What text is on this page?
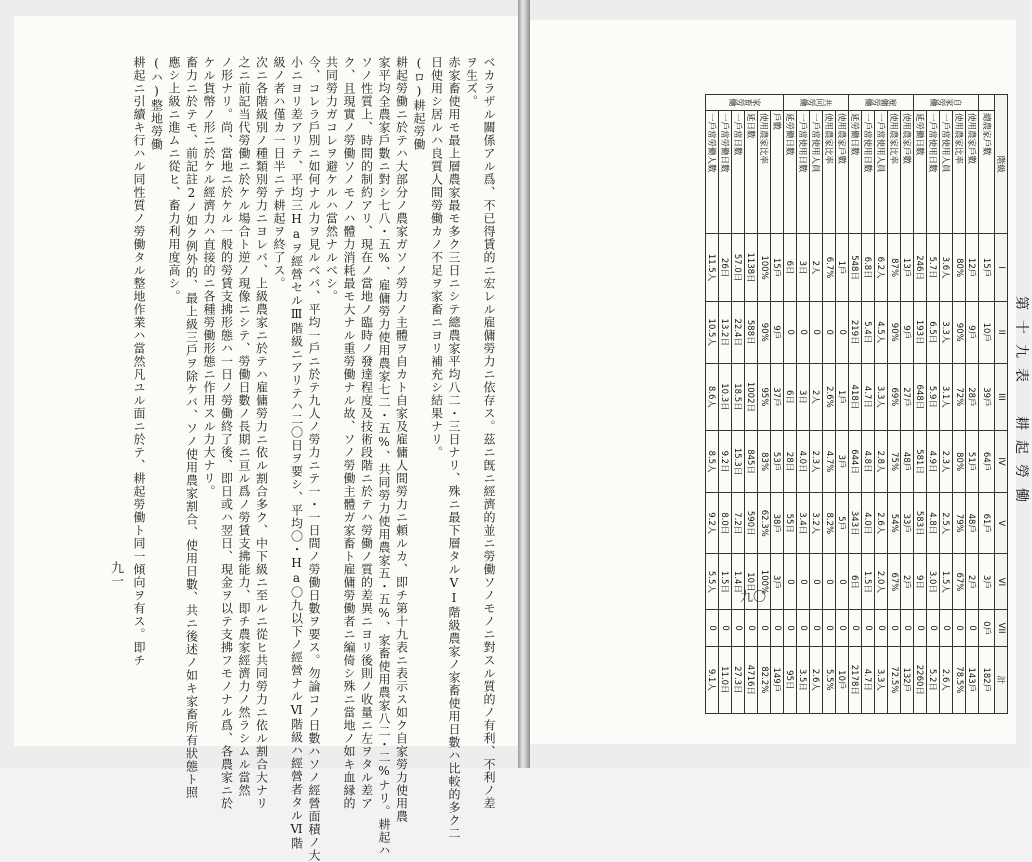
九一	ベカラザル關係アル爲、不已得賃的ニ宏レル雇傭勞力ニ依存ス。茲ニ旣ニ經濟的並ニ勞働ソノモノニ對スル質的ノ有利、不利ノ差
ヲ生ズ。
赤家畜使用モ最上層農家最モ多ク三日ニシテ總農家平均八二・三日ナリ、殊ニ最下層タルVI階級農家ノ家畜使用日數ハ比較的多ク二
日使用シ居ルハ良質人間勞働カノ不足ヲ家畜ニヨリ補充シ結果ナリ。
(ロ)耕起勞働
耕起勞働ニ於テハ大部分ノ農家ガソノ勞力ノ主體ヲ自カト自家及雇傭人間勞力ニ頼ルカ、即チ第十九表ニ表示ス如ク自家勞力使用農
家平均全農家戶數ニ對シ七八・五%、雇傭勞力使用農家七二・五%、共同勞力使用農家五・五%、家畜使用農家八二・二%ナリ。耕起ハ
ソノ性質上、時間的制約アリ、現在ノ當地ノ臨時ノ發達程度及技術段階ニ於テハ勞働ノ質的差異ニヨリ後則ノ收量ニ左ヲタル差ア
ク、且現實ノ勞働ソノモノハ體力消耗最モ大ナル重勞働ナル故、ソノ勞働主體ガ家畜ト雇傭勞働者ニ編倚シ殊ニ當地ノ如キ血縁的
共同勞力ガコレヲ避ケルハ當然ナルベシ。
今、コレラ戶別ニ如何ナル力ヲ見ルベバ、平均一戶ニ於テ九人ノ勞力ニテ一・一日間ノ勞働日數ヲ要ス。勿論コノ日數ハソノ經營面積ノ大
小ニヨリ差アリテ、平均三Haヲ經營セルⅢ階級ニアリテハ二〇日ヲ要シ、平均〇・Ha〇九以下ノ經營ナルⅥ階級ハ經營者タルⅥ階
級ノ者ハ僅カ一日半ニテ耕起ヲ終了ス。
次ニ各階級別ノ種類別勞力ニヨレバ、上級農家ニ於テハ雇傭勞力ニ依ル割合多ク、中下級ニ至ルニ從ヒ共同勞力ニ依ル割合大ナリ
之ニ前記当代勞働ニ於ケル場合ト逆ノ現像ニシテ、勞働日數ノ長期ニ亘ル爲ノ勞賃支拂能力、即チ農家經濟力ノ然ラシムル當然
ノ形ナリ。尚、當地ニ於ケル一般的勞賃支拂形態ハ一日ノ勞働終了後、即日或ハ翌日、現金ヲ以テ支拂フモノナル爲、各農家ニ於
ケル貨幣ノ形ニ於ケル經濟力ハ直接的ニ各種勞働形態ニ作用スル力大ナリ。
畜力ニ於テモ、前記註2ノ如ク例外的、最上級三戶ヲ除ケバ、ソノ使用農家割合、使用日數、共ニ後述ノ如キ家畜所有狀態ト照
應シ上級ニ進ムニ從ヒ、畜力利用度高シ。
(ハ)整地勞働
耕起ニ引續キ行ハル同性質ノ勞働タル整地作業ハ當然凡ユル面ニ於テ、耕起勞働ト同一傾向ヲ有ス。即チ	第十九表　耕起勞働
階級		I	II	III	IV	V	VI	VII	計
	總農家戶數	15戶	10戶	39戶	64戶	61戶	3戶	0戶	182戶
自家勞働	使用農家戶數	12戶	9戶	28戶	51戶	48戶	2戶	0	143戶
	使用農家比率	80%	90%	72%	80%	79%	67%	0	78.5%
	一戶當使用人員	3.6人	3.3人	3.1人	2.3人	2.5人	1.5人	0	2.6人
	一戶當使用日數	5.7日	6.5日	5.9日	4.9日	4.8日	3.0日	0	5.2日
	延勞働日數	246日	193日	648日	581日	583日	9日	0	2260日
雇傭勞働	使用農家戶數	13戶	9戶	27戶	48戶	33戶	2戶	0	132戶
	使用農家比率	87%	90%	69%	75%	54%	67%	0	72.5%
	一戶當使用人員	6.2人	4.5人	3.3人	2.8人	2.6人	2.0人	0	3.3人
	一戶當使用日數	6.8日	5.4日	4.7日	4.8日	4.0日	1.5日	0	4.7日
	延勞働日數	548日	219日	418日	644日	343日	6日	0	2178日
共同勞働	使用農家戶數	1戶	0	1戶	3戶	5戶	0	0	10戶
	使用農家比率	6.7%	0	2.6%	4.7%	8.2%	0	0	5.5%
	一戶當使用人員	2人	0	2人	2.3人	3.2人	0	0	2.6人
	一戶當使用日數	3日	0	3日	4.0日	3.4日	0	0	3.5日
	延勞働日數	6日	0	6日	28日	55日	0	0	95日
家畜勞働	戶數	15戶	9戶	37戶	53戶	38戶	3戶	0	149戶
	使用農家比率	100%	90%	95%	83%	62.3%	100%	0	82.2%
	延日數	1138日	588日	1002日	845日	590日	10日	0	4716日
	一戶當日數	57.0日	22.4日	18.5日	15.3日	7.2日	1.4日	0	27.3日
	一戶當勞働日數	26日	13.2日	10.3日	9.2日	8.0日	1.5日	0	11.0日
	一戶當勞働人數	11.5人	10.5人	8.6人	8.5人	9.2人	5.5人	0	9.1人
九〇
